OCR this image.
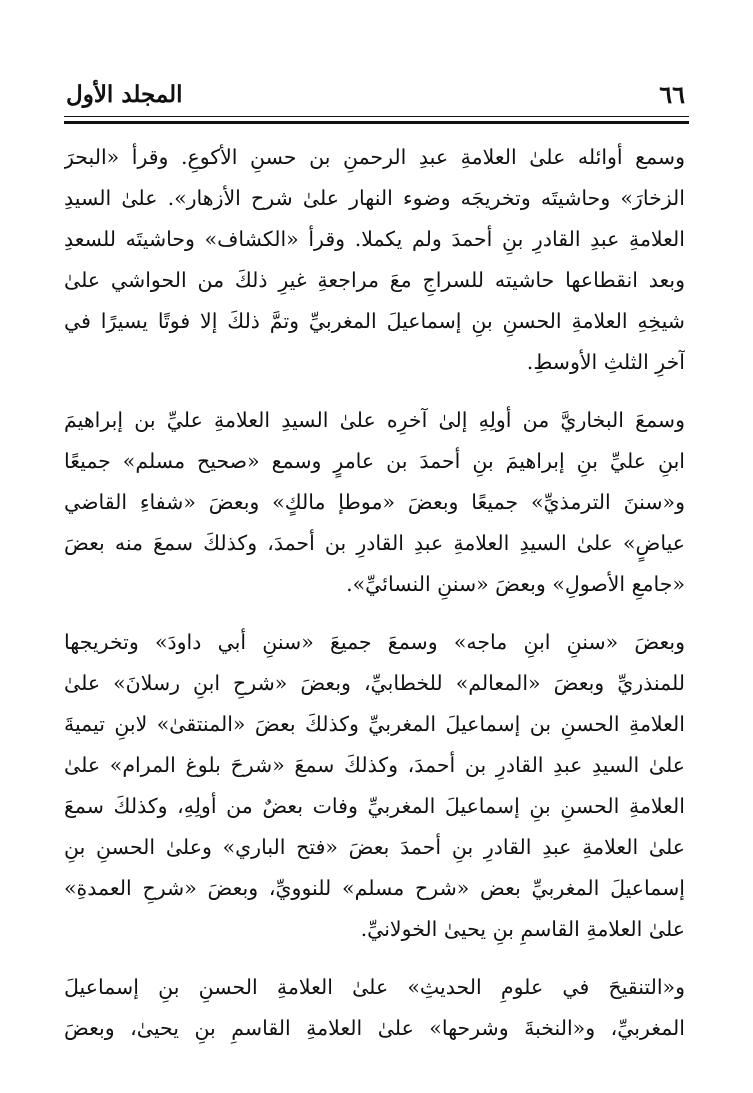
٦٦
المجلد الأول
وسمع أوائله علىٰ العلامةِ عبدِ الرحمنِ بن حسنِ الأكوعِ. وقرأ «البحرَ
الزخارَ» وحاشيتَه وتخريجَه وضوء النهار علىٰ شرح الأزهار». علىٰ السيدِ
العلامةِ عبدِ القادرِ بنِ أحمدَ ولم يكملا. وقرأ «الكشاف» وحاشيتَه للسعدِ
وبعد انقطاعها حاشيته للسراجِ معَ مراجعةِ غيرِ ذلكَ من الحواشي علىٰ
شيخِهِ العلامةِ الحسنِ بنِ إسماعيلَ المغربيِّ وتمَّ ذلكَ إلا فوتًا يسيرًا في
آخرِ الثلثِ الأوسطِ.
وسمعَ البخاريَّ من أولِهِ إلىٰ آخرِه علىٰ السيدِ العلامةِ عليِّ بن إبراهيمَ
ابنِ عليِّ بنِ إبراهيمَ بنِ أحمدَ بن عامرٍ وسمع «صحيح مسلم» جميعًا
و«سننَ الترمذيِّ» جميعًا وبعضَ «موطإ مالكٍ» وبعضَ «شفاءِ القاضي
عياضٍ» علىٰ السيدِ العلامةِ عبدِ القادرِ بن أحمدَ، وكذلكَ سمعَ منه بعضَ
«جامعِ الأصولِ» وبعضَ «سننِ النسائيِّ».
وبعضَ «سننِ ابنِ ماجه» وسمعَ جميعَ «سننِ أبي داودَ» وتخريجها
للمنذريِّ وبعضَ «المعالم» للخطابيِّ، وبعضَ «شرحِ ابنِ رسلانَ» علىٰ
العلامةِ الحسنِ بن إسماعيلَ المغربيِّ وكذلكَ بعضَ «المنتقىٰ» لابنِ تيميةَ
علىٰ السيدِ عبدِ القادرِ بن أحمدَ، وكذلكَ سمعَ «شرحَ بلوغ المرام» علىٰ
العلامةِ الحسنِ بنِ إسماعيلَ المغربيِّ وفات بعضٌ من أولِهِ، وكذلكَ سمعَ
علىٰ العلامةِ عبدِ القادرِ بنِ أحمدَ بعضَ «فتح الباري» وعلىٰ الحسنِ بنِ
إسماعيلَ المغربيِّ بعض «شرح مسلم» للنوويِّ، وبعضَ «شرحِ العمدةِ»
علىٰ العلامةِ القاسمِ بنِ يحيىٰ الخولانيِّ.
و«التنقيحَ في علومِ الحديثِ» علىٰ العلامةِ الحسنِ بنِ إسماعيلَ
المغربيِّ، و«النخبةَ وشرحها» علىٰ العلامةِ القاسمِ بنِ يحيىٰ، وبعضَ
